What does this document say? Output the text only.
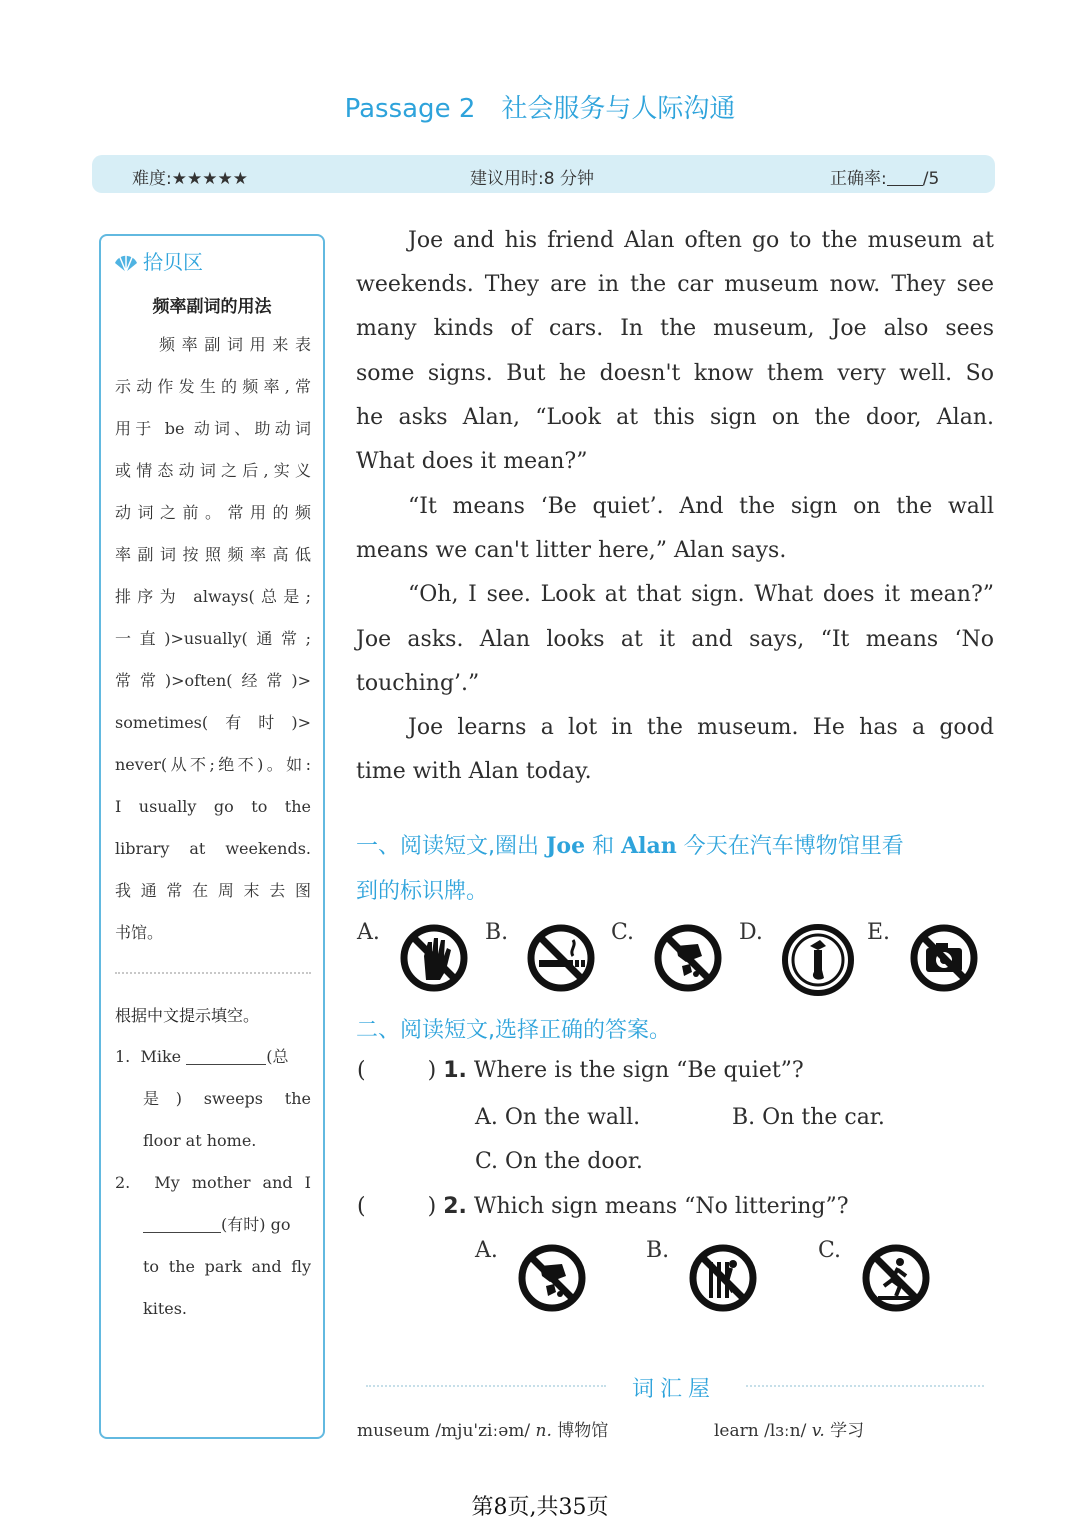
Passage 2 社会服务与人际沟通
难度:★★★★★	建议用时:8 分钟	正确率: /5
拾贝区
频率副词的用法
频率副词用来表
示动作发生的频率,常
用于 be 动词、助动词
或情态动词之后,实义
动词之前。常用的频
率副词按照频率高低
排序为 always(总是;
一直)>usually(通常;
常常)>often(经常)>
sometimes(有时)>
never(从不;绝不)。如:
I usually go to the
library at weekends.
我通常在周末去图
书馆。
根据中文提示填空。
1. Mike	(总
是) sweeps the
floor at home.
2. My mother and I
(有时) go
to the park and fly
kites.
Joe and his friend Alan often go to the museum at
weekends. They are in the car museum now. They see
many kinds of cars. In the museum, Joe also sees
some signs. But he doesn't know them very well. So
he asks Alan, “Look at this sign on the door, Alan.
What does it mean?”
“It means ‘Be quiet’. And the sign on the wall
means we can't litter here,” Alan says.
“Oh, I see. Look at that sign. What does it mean?”
Joe asks. Alan looks at it and says, “It means ‘No
touching’.”
Joe learns a lot in the museum. He has a good
time with Alan today.
一、阅读短文,圈出 Joe 和 Alan 今天在汽车博物馆里看
到的标识牌。
A.	B.	C.	D.	E.
二、阅读短文,选择正确的答案。
(	) 1. Where is the sign “Be quiet”?
A. On the wall.	B. On the car.
C. On the door.
(	) 2. Which sign means “No littering”?
A.	B.	C.
词汇屋
museum /mju'ziːəm/ n. 博物馆	learn /lɜːn/ v. 学习
第8页,共35页
